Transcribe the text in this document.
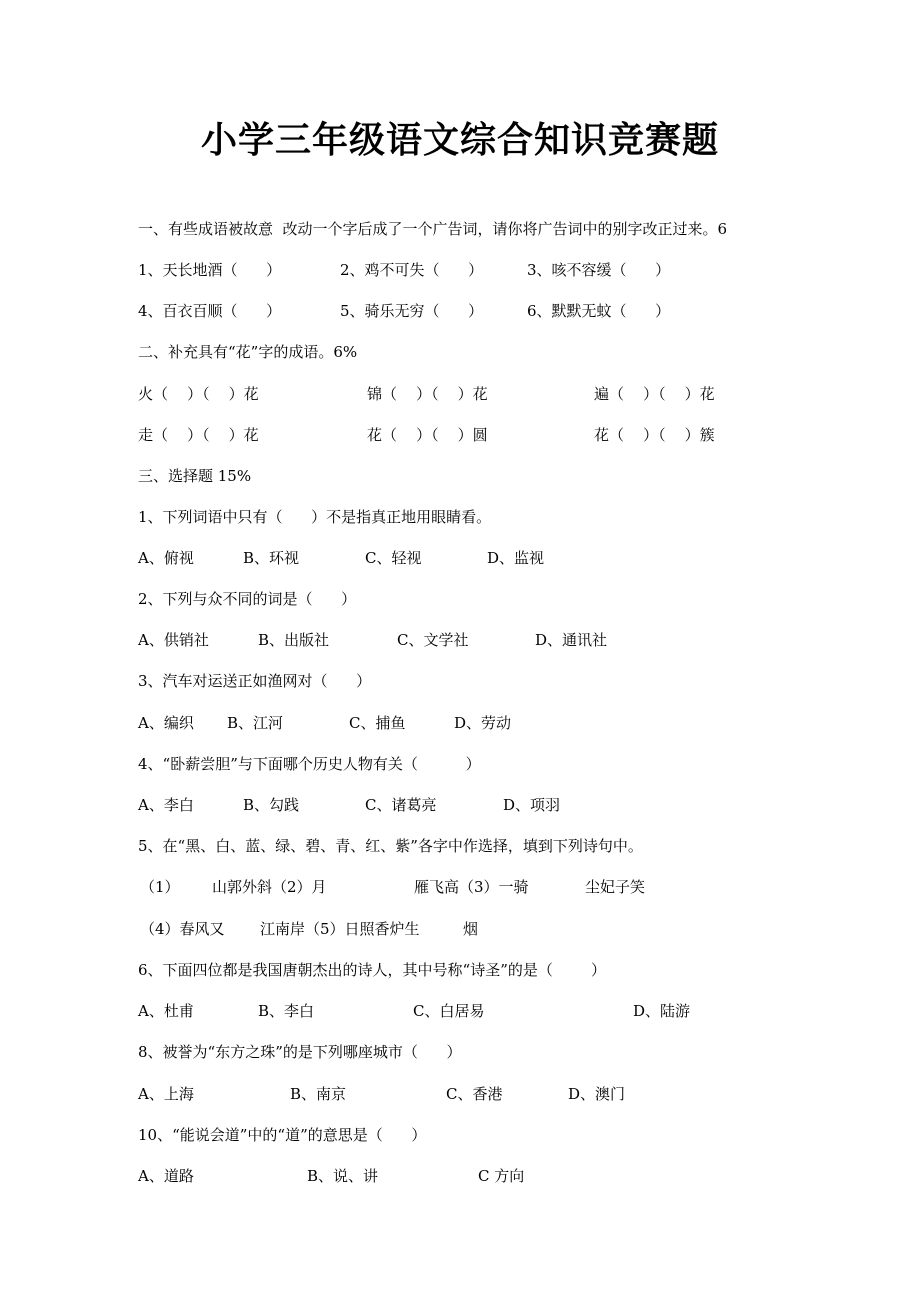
小学三年级语文综合知识竞赛题
一、有些成语被故意  改动一个字后成了一个广告词，请你将广告词中的别字改正过来。6
1、天长地酒（      ）	2、鸡不可失（      ）	3、咳不容缓（      ）
4、百衣百顺（      ）	5、骑乐无穷（      ）	6、默默无蚊（      ）
二、补充具有“花”字的成语。6%
火（    ）（    ）花	锦（    ）（    ）花	遍（    ）（    ）花
走（    ）（    ）花	花（    ）（    ）圆	花（    ）（    ）簇
三、选择题 15%
1、下列词语中只有（      ）不是指真正地用眼睛看。
A、俯视	B、环视	C、轻视	D、监视
2、下列与众不同的词是（      ）
A、供销社	B、出版社	C、文学社	D、通讯社
3、汽车对运送正如渔网对（      ）
A、编织 B、江河	C、捕鱼	D、劳动
4、“卧薪尝胆”与下面哪个历史人物有关（          ）
A、李白	B、勾践	C、诸葛亮	D、项羽
5、在“黑、白、蓝、绿、碧、青、红、紫”各字中作选择，填到下列诗句中。
（1） 山郭外斜（2）月	雁飞高（3）一骑	尘妃子笑
（4）春风又 江南岸（5）日照香炉生	烟
6、下面四位都是我国唐朝杰出的诗人，其中号称“诗圣”的是（        ）
A、杜甫	B、李白	C、白居易	D、陆游
8、被誉为“东方之珠”的是下列哪座城市（      ）
A、上海	B、南京	C、香港	D、澳门
10、“能说会道”中的“道”的意思是（      ）
A、道路	B、说、讲	C 方向
